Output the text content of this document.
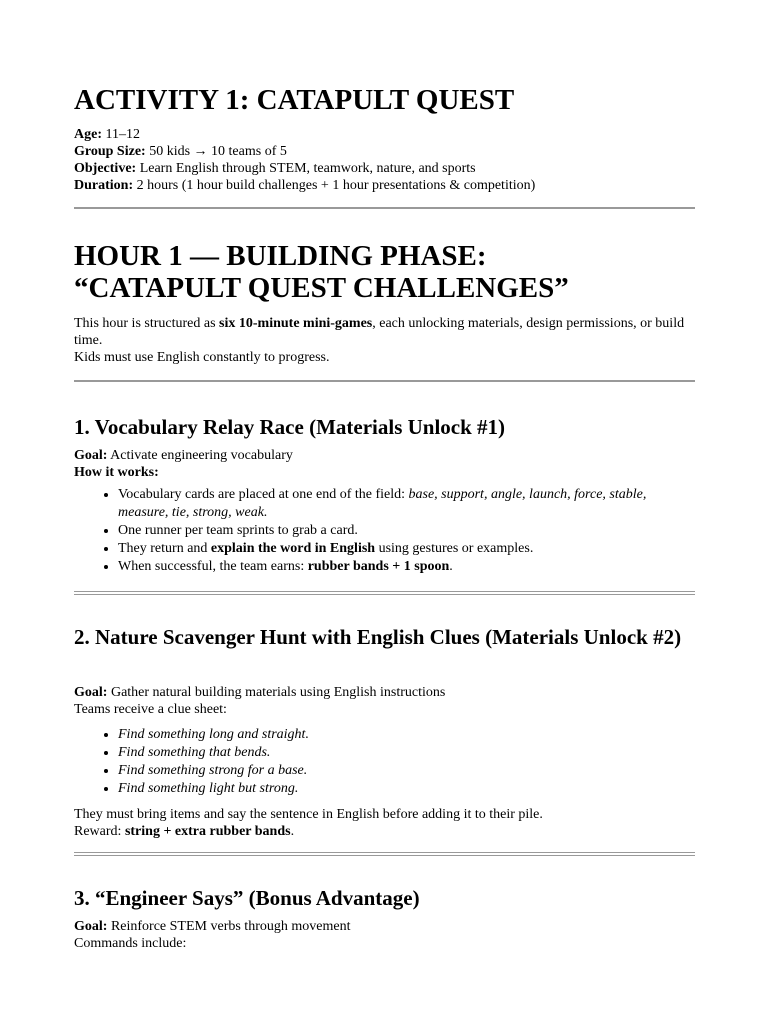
ACTIVITY 1: CATAPULT QUEST

Age: 11–12

Group Size: 50 kids → 10 teams of 5

Objective: Learn English through STEM, teamwork, nature, and sports

Duration: 2 hours (1 hour build challenges + 1 hour presentations & competition)

HOUR 1 — BUILDING PHASE:
“CATAPULT QUEST CHALLENGES”

This hour is structured as six 10-minute mini-games, each unlocking materials, design permissions, or build time.

Kids must use English constantly to progress.

1. Vocabulary Relay Race (Materials Unlock #1)

Goal: Activate engineering vocabulary

How it works:

• Vocabulary cards are placed at one end of the field: base, support, angle, launch, force, stable, measure, tie, strong, weak.
• One runner per team sprints to grab a card.
• They return and explain the word in English using gestures or examples.
• When successful, the team earns: rubber bands + 1 spoon.
2. Nature Scavenger Hunt with English Clues (Materials Unlock #2)

Goal: Gather natural building materials using English instructions

Teams receive a clue sheet:

• Find something long and straight.
• Find something that bends.
• Find something strong for a base.
• Find something light but strong.

They must bring items and say the sentence in English before adding it to their pile.

Reward: string + extra rubber bands.

3. “Engineer Says” (Bonus Advantage)

Goal: Reinforce STEM verbs through movement

Commands include:
